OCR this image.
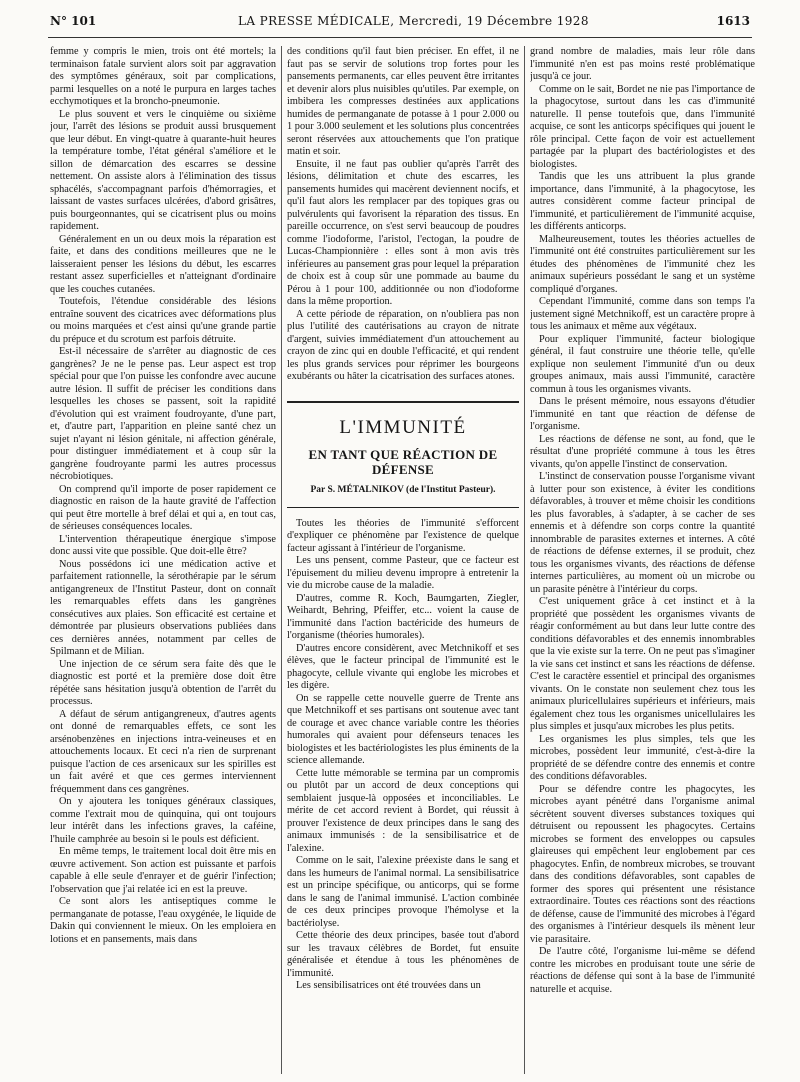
N° 101	LA PRESSE MÉDICALE, Mercredi, 19 Décembre 1928	1613

femme y compris le mien, trois ont été mortels; la terminaison fatale survient alors soit par aggravation des symptômes généraux, soit par complications, parmi lesquelles on a noté le purpura en larges taches ecchymotiques et la broncho-pneumonie.

Le plus souvent et vers le cinquième ou sixième jour, l'arrêt des lésions se produit aussi brusquement que leur début. En vingt-quatre à quarante-huit heures la température tombe, l'état général s'améliore et le sillon de démarcation des escarres se dessine nettement. On assiste alors à l'élimination des tissus sphacélés, s'accompagnant parfois d'hémorragies, et laissant de vastes surfaces ulcérées, d'abord grisâtres, puis bourgeonnantes, qui se cicatrisent plus ou moins rapidement.

Généralement en un ou deux mois la réparation est faite, et dans des conditions meilleures que ne le laisseraient penser les lésions du début, les escarres restant assez superficielles et n'atteignant d'ordinaire que les couches cutanées.

Toutefois, l'étendue considérable des lésions entraîne souvent des cicatrices avec déformations plus ou moins marquées et c'est ainsi qu'une grande partie du prépuce et du scrotum est parfois détruite.

Est-il nécessaire de s'arrêter au diagnostic de ces gangrènes? Je ne le pense pas. Leur aspect est trop spécial pour que l'on puisse les confondre avec aucune autre lésion. Il suffit de préciser les conditions dans lesquelles les choses se passent, soit la rapidité d'évolution qui est vraiment foudroyante, d'une part, et, d'autre part, l'apparition en pleine santé chez un sujet n'ayant ni lésion génitale, ni affection générale, pour distinguer immédiatement et à coup sûr la gangrène foudroyante parmi les autres processus nécrobiotiques.

On comprend qu'il importe de poser rapidement ce diagnostic en raison de la haute gravité de l'affection qui peut être mortelle à bref délai et qui a, en tout cas, de sérieuses conséquences locales.

L'intervention thérapeutique énergique s'impose donc aussi vite que possible. Que doit-elle être?

Nous possédons ici une médication active et parfaitement rationnelle, la sérothérapie par le sérum antigangreneux de l'Institut Pasteur, dont on connaît les remarquables effets dans les gangrènes consécutives aux plaies. Son efficacité est certaine et démontrée par plusieurs observations publiées dans ces dernières années, notamment par celles de Spilmann et de Milian.

Une injection de ce sérum sera faite dès que le diagnostic est porté et la première dose doit être répétée sans hésitation jusqu'à obtention de l'arrêt du processus.

A défaut de sérum antigangreneux, d'autres agents ont donné de remarquables effets, ce sont les arsénobenzènes en injections intra-veineuses et en attouchements locaux. Et ceci n'a rien de surprenant puisque l'action de ces arsenicaux sur les spirilles est un fait avéré et que ces germes interviennent fréquemment dans ces gangrènes.

On y ajoutera les toniques généraux classiques, comme l'extrait mou de quinquina, qui ont toujours leur intérêt dans les infections graves, la caféine, l'huile camphrée au besoin si le pouls est déficient.

En même temps, le traitement local doit être mis en œuvre activement. Son action est puissante et parfois capable à elle seule d'enrayer et de guérir l'infection; l'observation que j'ai relatée ici en est la preuve.

Ce sont alors les antiseptiques comme le permanganate de potasse, l'eau oxygénée, le liquide de Dakin qui conviennent le mieux. On les emploiera en lotions et en pansements, mais dans

des conditions qu'il faut bien préciser. En effet, il ne faut pas se servir de solutions trop fortes pour les pansements permanents, car elles peuvent être irritantes et devenir alors plus nuisibles qu'utiles. Par exemple, on imbibera les compresses destinées aux applications humides de permanganate de potasse à 1 pour 2.000 ou 1 pour 3.000 seulement et les solutions plus concentrées seront réservées aux attouchements que l'on pratique matin et soir.

Ensuite, il ne faut pas oublier qu'après l'arrêt des lésions, délimitation et chute des escarres, les pansements humides qui macèrent deviennent nocifs, et qu'il faut alors les remplacer par des topiques gras ou pulvérulents qui favorisent la réparation des tissus. En pareille occurrence, on s'est servi beaucoup de poudres comme l'iodoforme, l'aristol, l'ectogan, la poudre de Lucas-Championnière : elles sont à mon avis très inférieures au pansement gras pour lequel la préparation de choix est à coup sûr une pommade au baume du Pérou à 1 pour 100, additionnée ou non d'iodoforme dans la même proportion.

A cette période de réparation, on n'oubliera pas non plus l'utilité des cautérisations au crayon de nitrate d'argent, suivies immédiatement d'un attouchement au crayon de zinc qui en double l'efficacité, et qui rendent les plus grands services pour réprimer les bourgeons exubérants ou hâter la cicatrisation des surfaces atones.

L'IMMUNITÉ
EN TANT QUE RÉACTION DE DÉFENSE
Par S. MÉTALNIKOV (de l'Institut Pasteur).

Toutes les théories de l'immunité s'efforcent d'expliquer ce phénomène par l'existence de quelque facteur agissant à l'intérieur de l'organisme.

Les uns pensent, comme Pasteur, que ce facteur est l'épuisement du milieu devenu impropre à entretenir la vie du microbe cause de la maladie.

D'autres, comme R. Koch, Baumgarten, Ziegler, Weihardt, Behring, Pfeiffer, etc... voient la cause de l'immunité dans l'action bactéricide des humeurs de l'organisme (théories humorales).

D'autres encore considèrent, avec Metchnikoff et ses élèves, que le facteur principal de l'immunité est le phagocyte, cellule vivante qui englobe les microbes et les digère.

On se rappelle cette nouvelle guerre de Trente ans que Metchnikoff et ses partisans ont soutenue avec tant de courage et avec chance variable contre les théories humorales qui avaient pour défenseurs tenaces les biologistes et les bactériologistes les plus éminents de la science allemande.

Cette lutte mémorable se termina par un compromis ou plutôt par un accord de deux conceptions qui semblaient jusque-là opposées et inconciliables. Le mérite de cet accord revient à Bordet, qui réussit à prouver l'existence de deux principes dans le sang des animaux immunisés : de la sensibilisatrice et de l'alexine.

Comme on le sait, l'alexine préexiste dans le sang et dans les humeurs de l'animal normal. La sensibilisatrice est un principe spécifique, ou anticorps, qui se forme dans le sang de l'animal immunisé. L'action combinée de ces deux principes provoque l'hémolyse et la bactériolyse.

Cette théorie des deux principes, basée tout d'abord sur les travaux célèbres de Bordet, fut ensuite généralisée et étendue à tous les phénomènes de l'immunité.

Les sensibilisatrices ont été trouvées dans un

grand nombre de maladies, mais leur rôle dans l'immunité n'en est pas moins resté problématique jusqu'à ce jour.

Comme on le sait, Bordet ne nie pas l'importance de la phagocytose, surtout dans les cas d'immunité naturelle. Il pense toutefois que, dans l'immunité acquise, ce sont les anticorps spécifiques qui jouent le rôle principal. Cette façon de voir est actuellement partagée par la plupart des bactériologistes et des biologistes.

Tandis que les uns attribuent la plus grande importance, dans l'immunité, à la phagocytose, les autres considèrent comme facteur principal de l'immunité, et particulièrement de l'immunité acquise, les différents anticorps.

Malheureusement, toutes les théories actuelles de l'immunité ont été construites particulièrement sur les études des phénomènes de l'immunité chez les animaux supérieurs possédant le sang et un système compliqué d'organes.

Cependant l'immunité, comme dans son temps l'a justement signé Metchnikoff, est un caractère propre à tous les animaux et même aux végétaux.

Pour expliquer l'immunité, facteur biologique général, il faut construire une théorie telle, qu'elle explique non seulement l'immunité d'un ou deux groupes animaux, mais aussi l'immunité, caractère commun à tous les organismes vivants.

Dans le présent mémoire, nous essayons d'étudier l'immunité en tant que réaction de défense de l'organisme.

Les réactions de défense ne sont, au fond, que le résultat d'une propriété commune à tous les êtres vivants, qu'on appelle l'instinct de conservation.

L'instinct de conservation pousse l'organisme vivant à lutter pour son existence, à éviter les conditions défavorables, à trouver et même choisir les conditions les plus favorables, à s'adapter, à se cacher de ses ennemis et à défendre son corps contre la quantité innombrable de parasites externes et internes. A côté de réactions de défense externes, il se produit, chez tous les organismes vivants, des réactions de défense internes particulières, au moment où un microbe ou un parasite pénètre à l'intérieur du corps.

C'est uniquement grâce à cet instinct et à la propriété que possèdent les organismes vivants de réagir conformément au but dans leur lutte contre des conditions défavorables et des ennemis innombrables que la vie existe sur la terre. On ne peut pas s'imaginer la vie sans cet instinct et sans les réactions de défense. C'est le caractère essentiel et principal des organismes vivants. On le constate non seulement chez tous les animaux pluricellulaires supérieurs et inférieurs, mais également chez tous les organismes unicellulaires les plus simples et jusqu'aux microbes les plus petits.

Les organismes les plus simples, tels que les microbes, possèdent leur immunité, c'est-à-dire la propriété de se défendre contre des ennemis et contre des conditions défavorables.

Pour se défendre contre les phagocytes, les microbes ayant pénétré dans l'organisme animal sécrètent souvent diverses substances toxiques qui détruisent ou repoussent les phagocytes. Certains microbes se forment des enveloppes ou capsules glaireuses qui empêchent leur englobement par ces phagocytes. Enfin, de nombreux microbes, se trouvant dans des conditions défavorables, sont capables de former des spores qui présentent une résistance extraordinaire. Toutes ces réactions sont des réactions de défense, cause de l'immunité des microbes à l'égard des organismes à l'intérieur desquels ils mènent leur vie parasitaire.

De l'autre côté, l'organisme lui-même se défend contre les microbes en produisant toute une série de réactions de défense qui sont à la base de l'immunité naturelle et acquise.
